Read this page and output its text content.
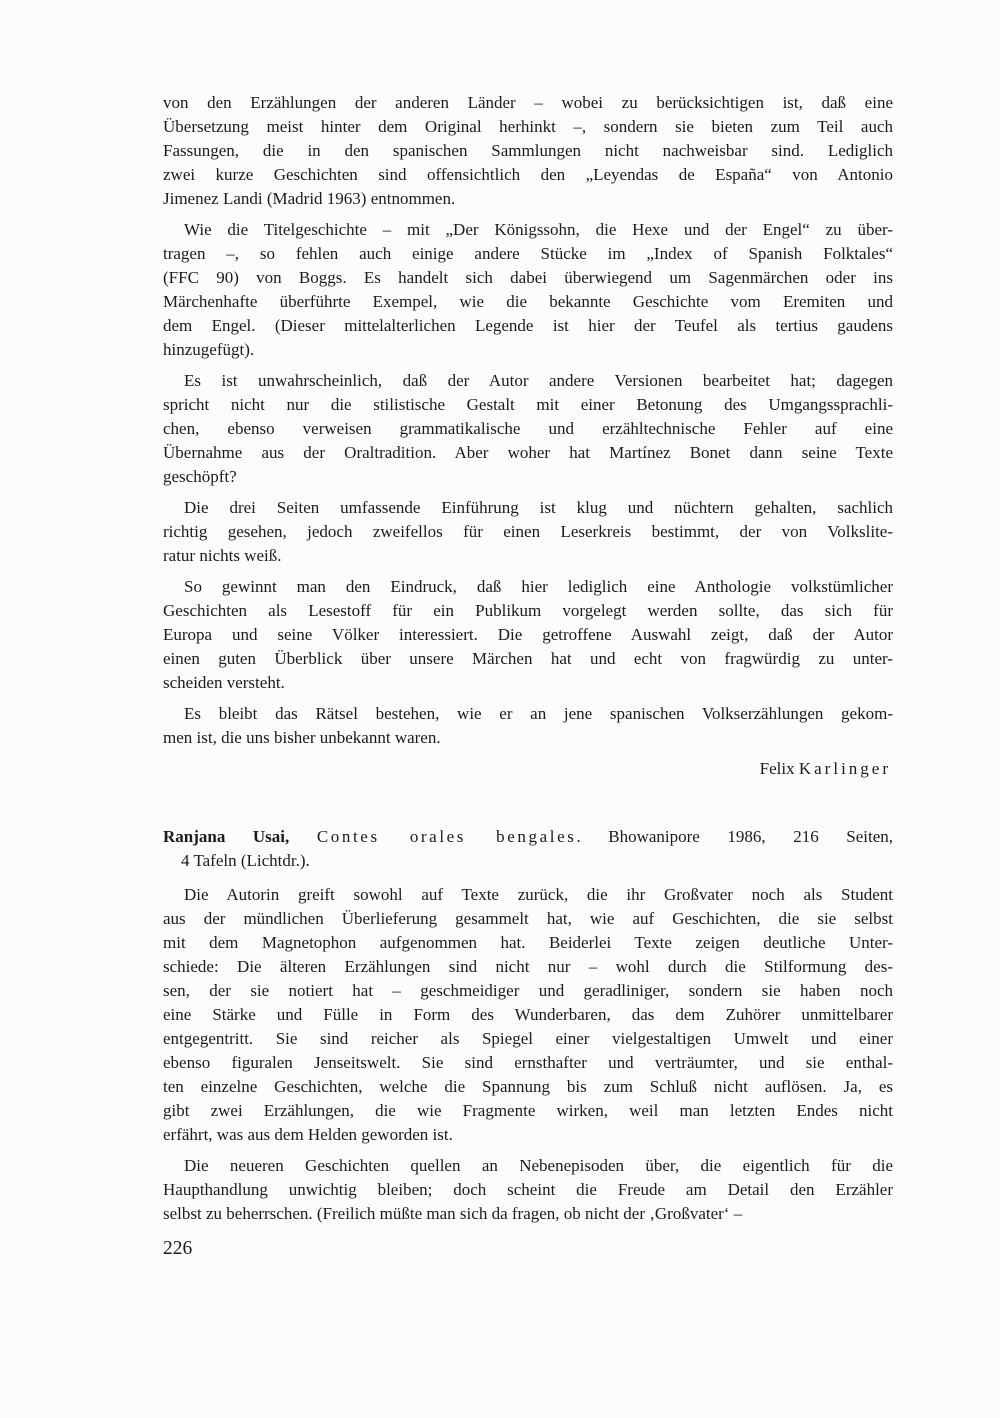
von den Erzählungen der anderen Länder – wobei zu berücksichtigen ist, daß eine
Übersetzung meist hinter dem Original herhinkt –, sondern sie bieten zum Teil auch
Fassungen, die in den spanischen Sammlungen nicht nachweisbar sind. Lediglich
zwei kurze Geschichten sind offensichtlich den „Leyendas de España“ von Antonio
Jimenez Landi (Madrid 1963) entnommen.
Wie die Titelgeschichte – mit „Der Königssohn, die Hexe und der Engel“ zu über-
tragen –, so fehlen auch einige andere Stücke im „Index of Spanish Folktales“
(FFC 90) von Boggs. Es handelt sich dabei überwiegend um Sagenmärchen oder ins
Märchenhafte überführte Exempel, wie die bekannte Geschichte vom Eremiten und
dem Engel. (Dieser mittelalterlichen Legende ist hier der Teufel als tertius gaudens
hinzugefügt).
Es ist unwahrscheinlich, daß der Autor andere Versionen bearbeitet hat; dagegen
spricht nicht nur die stilistische Gestalt mit einer Betonung des Umgangssprachli-
chen, ebenso verweisen grammatikalische und erzähltechnische Fehler auf eine
Übernahme aus der Oraltradition. Aber woher hat Martínez Bonet dann seine Texte
geschöpft?
Die drei Seiten umfassende Einführung ist klug und nüchtern gehalten, sachlich
richtig gesehen, jedoch zweifellos für einen Leserkreis bestimmt, der von Volkslite-
ratur nichts weiß.
So gewinnt man den Eindruck, daß hier lediglich eine Anthologie volkstümlicher
Geschichten als Lesestoff für ein Publikum vorgelegt werden sollte, das sich für
Europa und seine Völker interessiert. Die getroffene Auswahl zeigt, daß der Autor
einen guten Überblick über unsere Märchen hat und echt von fragwürdig zu unter-
scheiden versteht.
Es bleibt das Rätsel bestehen, wie er an jene spanischen Volkserzählungen gekom-
men ist, die uns bisher unbekannt waren.
Felix Karlinger
Ranjana Usai, Contes orales bengales. Bhowanipore 1986, 216 Seiten,
4 Tafeln (Lichtdr.).
Die Autorin greift sowohl auf Texte zurück, die ihr Großvater noch als Student
aus der mündlichen Überlieferung gesammelt hat, wie auf Geschichten, die sie selbst
mit dem Magnetophon aufgenommen hat. Beiderlei Texte zeigen deutliche Unter-
schiede: Die älteren Erzählungen sind nicht nur – wohl durch die Stilformung des-
sen, der sie notiert hat – geschmeidiger und geradliniger, sondern sie haben noch
eine Stärke und Fülle in Form des Wunderbaren, das dem Zuhörer unmittelbarer
entgegentritt. Sie sind reicher als Spiegel einer vielgestaltigen Umwelt und einer
ebenso figuralen Jenseitswelt. Sie sind ernsthafter und verträumter, und sie enthal-
ten einzelne Geschichten, welche die Spannung bis zum Schluß nicht auflösen. Ja, es
gibt zwei Erzählungen, die wie Fragmente wirken, weil man letzten Endes nicht
erfährt, was aus dem Helden geworden ist.
Die neueren Geschichten quellen an Nebenepisoden über, die eigentlich für die
Haupthandlung unwichtig bleiben; doch scheint die Freude am Detail den Erzähler
selbst zu beherrschen. (Freilich müßte man sich da fragen, ob nicht der ‚Großvater‘ –
226
